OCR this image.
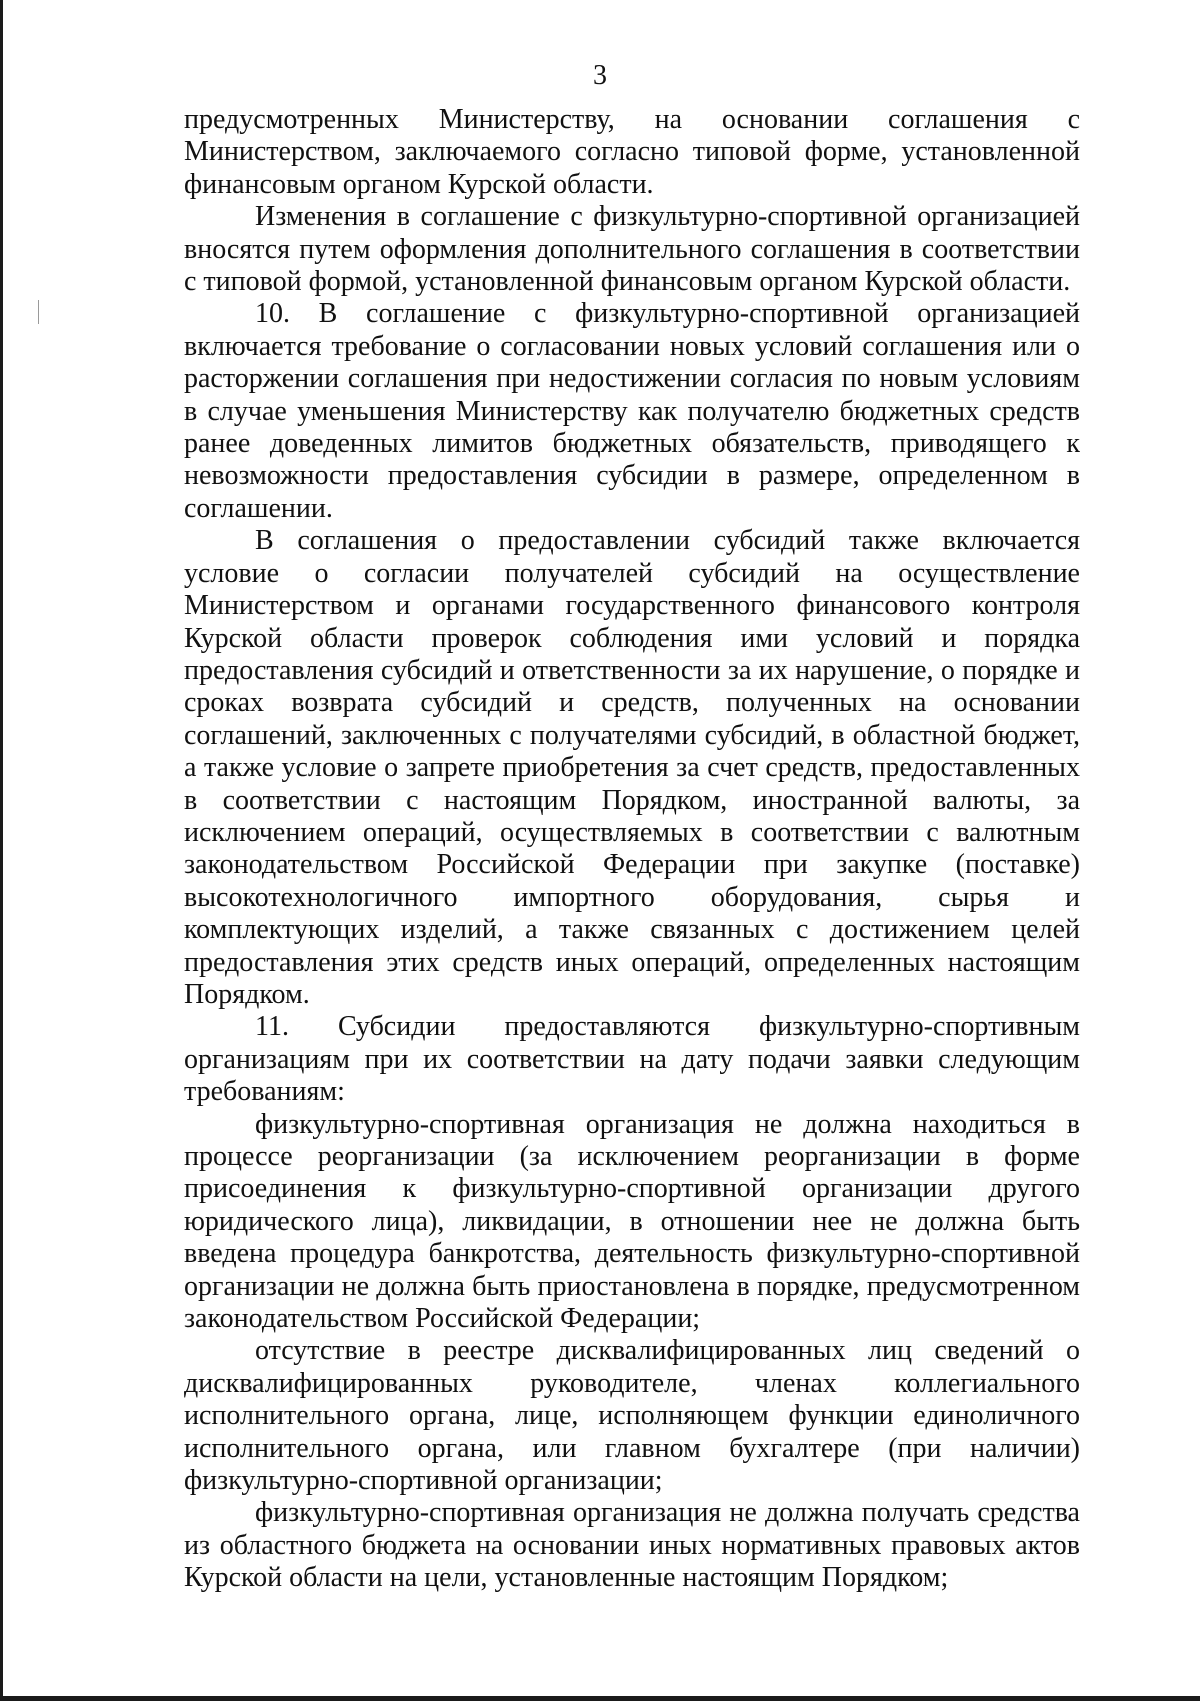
3

предусмотренных Министерству, на основании соглашения с Министерством, заключаемого согласно типовой форме, установленной финансовым органом Курской области.

Изменения в соглашение с физкультурно-спортивной организацией вносятся путем оформления дополнительного соглашения в соответствии с типовой формой, установленной финансовым органом Курской области.

10. В соглашение с физкультурно-спортивной организацией включается требование о согласовании новых условий соглашения или о расторжении соглашения при недостижении согласия по новым условиям в случае уменьшения Министерству как получателю бюджетных средств ранее доведенных лимитов бюджетных обязательств, приводящего к невозможности предоставления субсидии в размере, определенном в соглашении.

В соглашения о предоставлении субсидий также включается условие о согласии получателей субсидий на осуществление Министерством и органами государственного финансового контроля Курской области проверок соблюдения ими условий и порядка предоставления субсидий и ответственности за их нарушение, о порядке и сроках возврата субсидий и средств, полученных на основании соглашений, заключенных с получателями субсидий, в областной бюджет, а также условие о запрете приобретения за счет средств, предоставленных в соответствии с настоящим Порядком, иностранной валюты, за исключением операций, осуществляемых в соответствии с валютным законодательством Российской Федерации при закупке (поставке) высокотехнологичного импортного оборудования, сырья и комплектующих изделий, а также связанных с достижением целей предоставления этих средств иных операций, определенных настоящим Порядком.

11. Субсидии предоставляются физкультурно-спортивным организациям при их соответствии на дату подачи заявки следующим требованиям:

физкультурно-спортивная организация не должна находиться в процессе реорганизации (за исключением реорганизации в форме присоединения к физкультурно-спортивной организации другого юридического лица), ликвидации, в отношении нее не должна быть введена процедура банкротства, деятельность физкультурно-спортивной организации не должна быть приостановлена в порядке, предусмотренном законодательством Российской Федерации;

отсутствие в реестре дисквалифицированных лиц сведений о дисквалифицированных руководителе, членах коллегиального исполнительного органа, лице, исполняющем функции единоличного исполнительного органа, или главном бухгалтере (при наличии) физкультурно-спортивной организации;

физкультурно-спортивная организация не должна получать средства из областного бюджета на основании иных нормативных правовых актов Курской области на цели, установленные настоящим Порядком;
